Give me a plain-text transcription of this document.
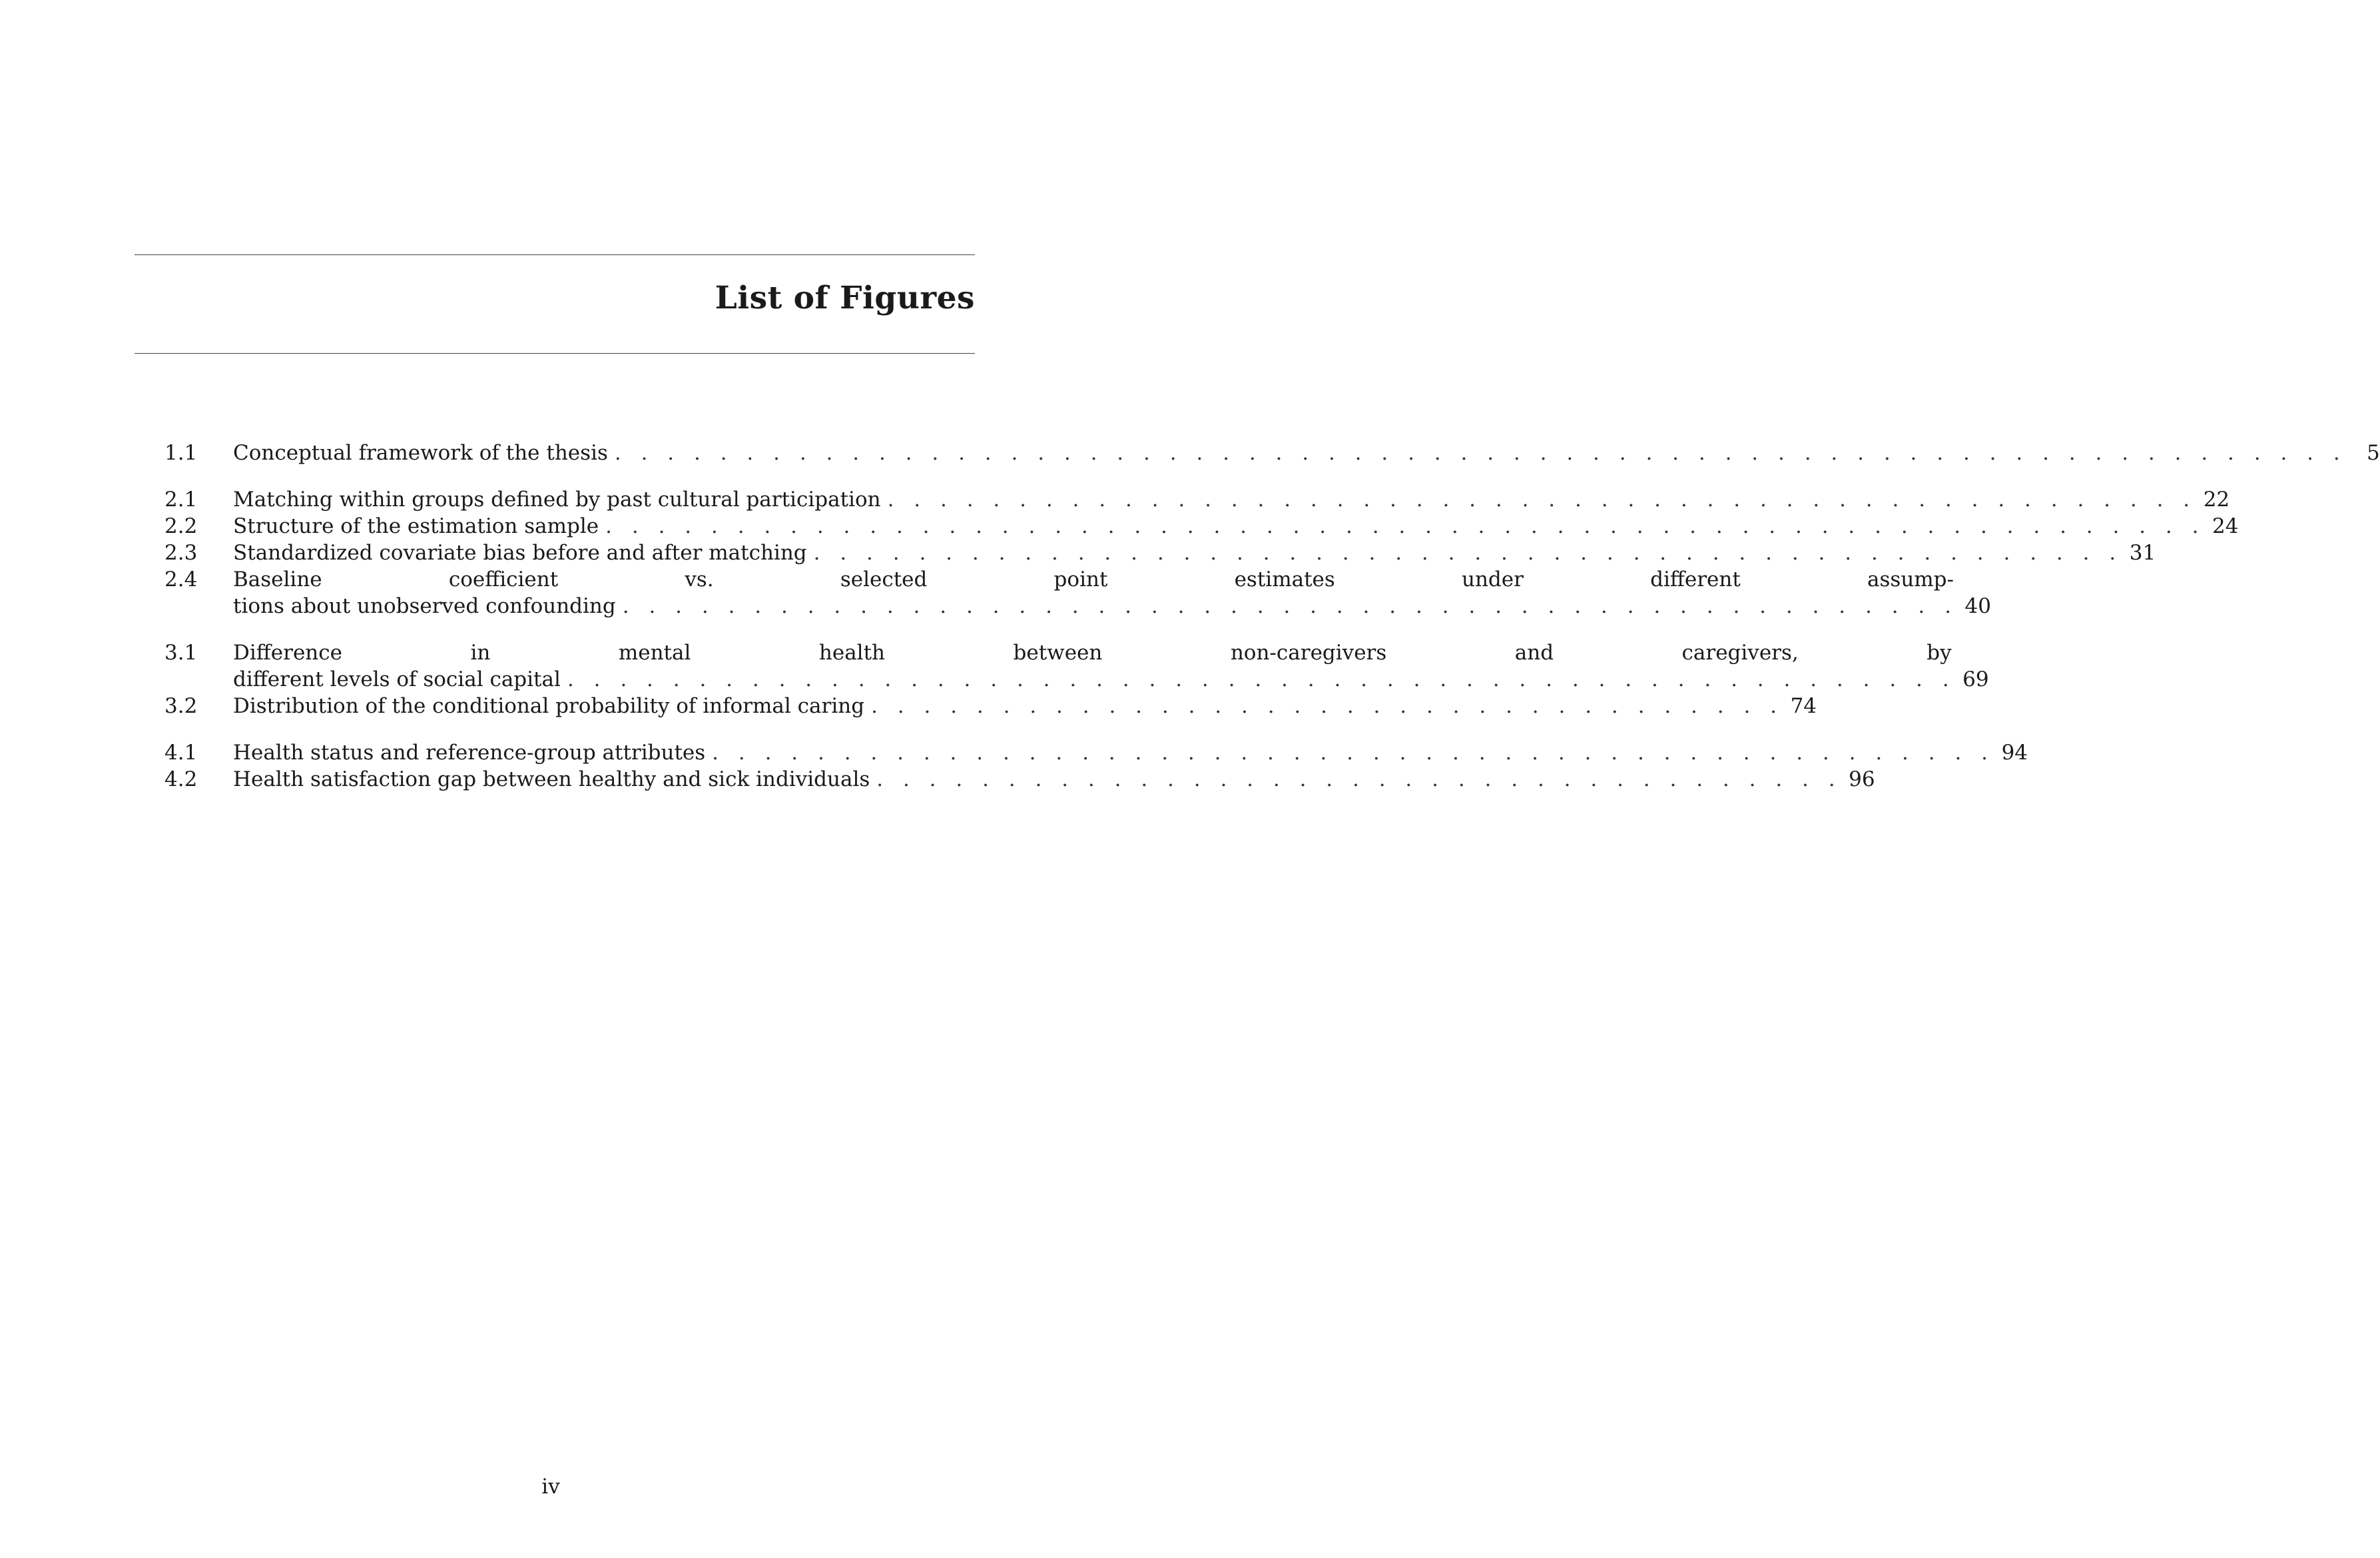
List of Figures
1.1	Conceptual framework of the thesis . . . . . . . . . . . . . . . . . . . . . . . . . . . . . . . . . . . . . . . . . . . . . . . . . . . . . . . . . . . . . . . . . . 5
2.1	Matching within groups defined by past cultural participation . . . . . . . . . . . . . . . . . . . . . . . . . . . . . . . . . . . . . . . . . . . . . . . . . . 22
2.2	Structure of the estimation sample . . . . . . . . . . . . . . . . . . . . . . . . . . . . . . . . . . . . . . . . . . . . . . . . . . . . . . . . . . . . . 24
2.3	Standardized covariate bias before and after matching . . . . . . . . . . . . . . . . . . . . . . . . . . . . . . . . . . . . . . . . . . . . . . . . . . 31
2.4	Baseline coefficient vs. selected point estimates under different assump-
tions about unobserved confounding . . . . . . . . . . . . . . . . . . . . . . . . . . . . . . . . . . . . . . . . . . . . . . . . . . . 40
3.1	Difference in mental health between non-caregivers and caregivers, by
different levels of social capital . . . . . . . . . . . . . . . . . . . . . . . . . . . . . . . . . . . . . . . . . . . . . . . . . . . . . 69
3.2	Distribution of the conditional probability of informal caring . . . . . . . . . . . . . . . . . . . . . . . . . . . . . . . . . . . 74
4.1	Health status and reference-group attributes . . . . . . . . . . . . . . . . . . . . . . . . . . . . . . . . . . . . . . . . . . . . . . . . . 94
4.2	Health satisfaction gap between healthy and sick individuals . . . . . . . . . . . . . . . . . . . . . . . . . . . . . . . . . . . . . 96
iv
